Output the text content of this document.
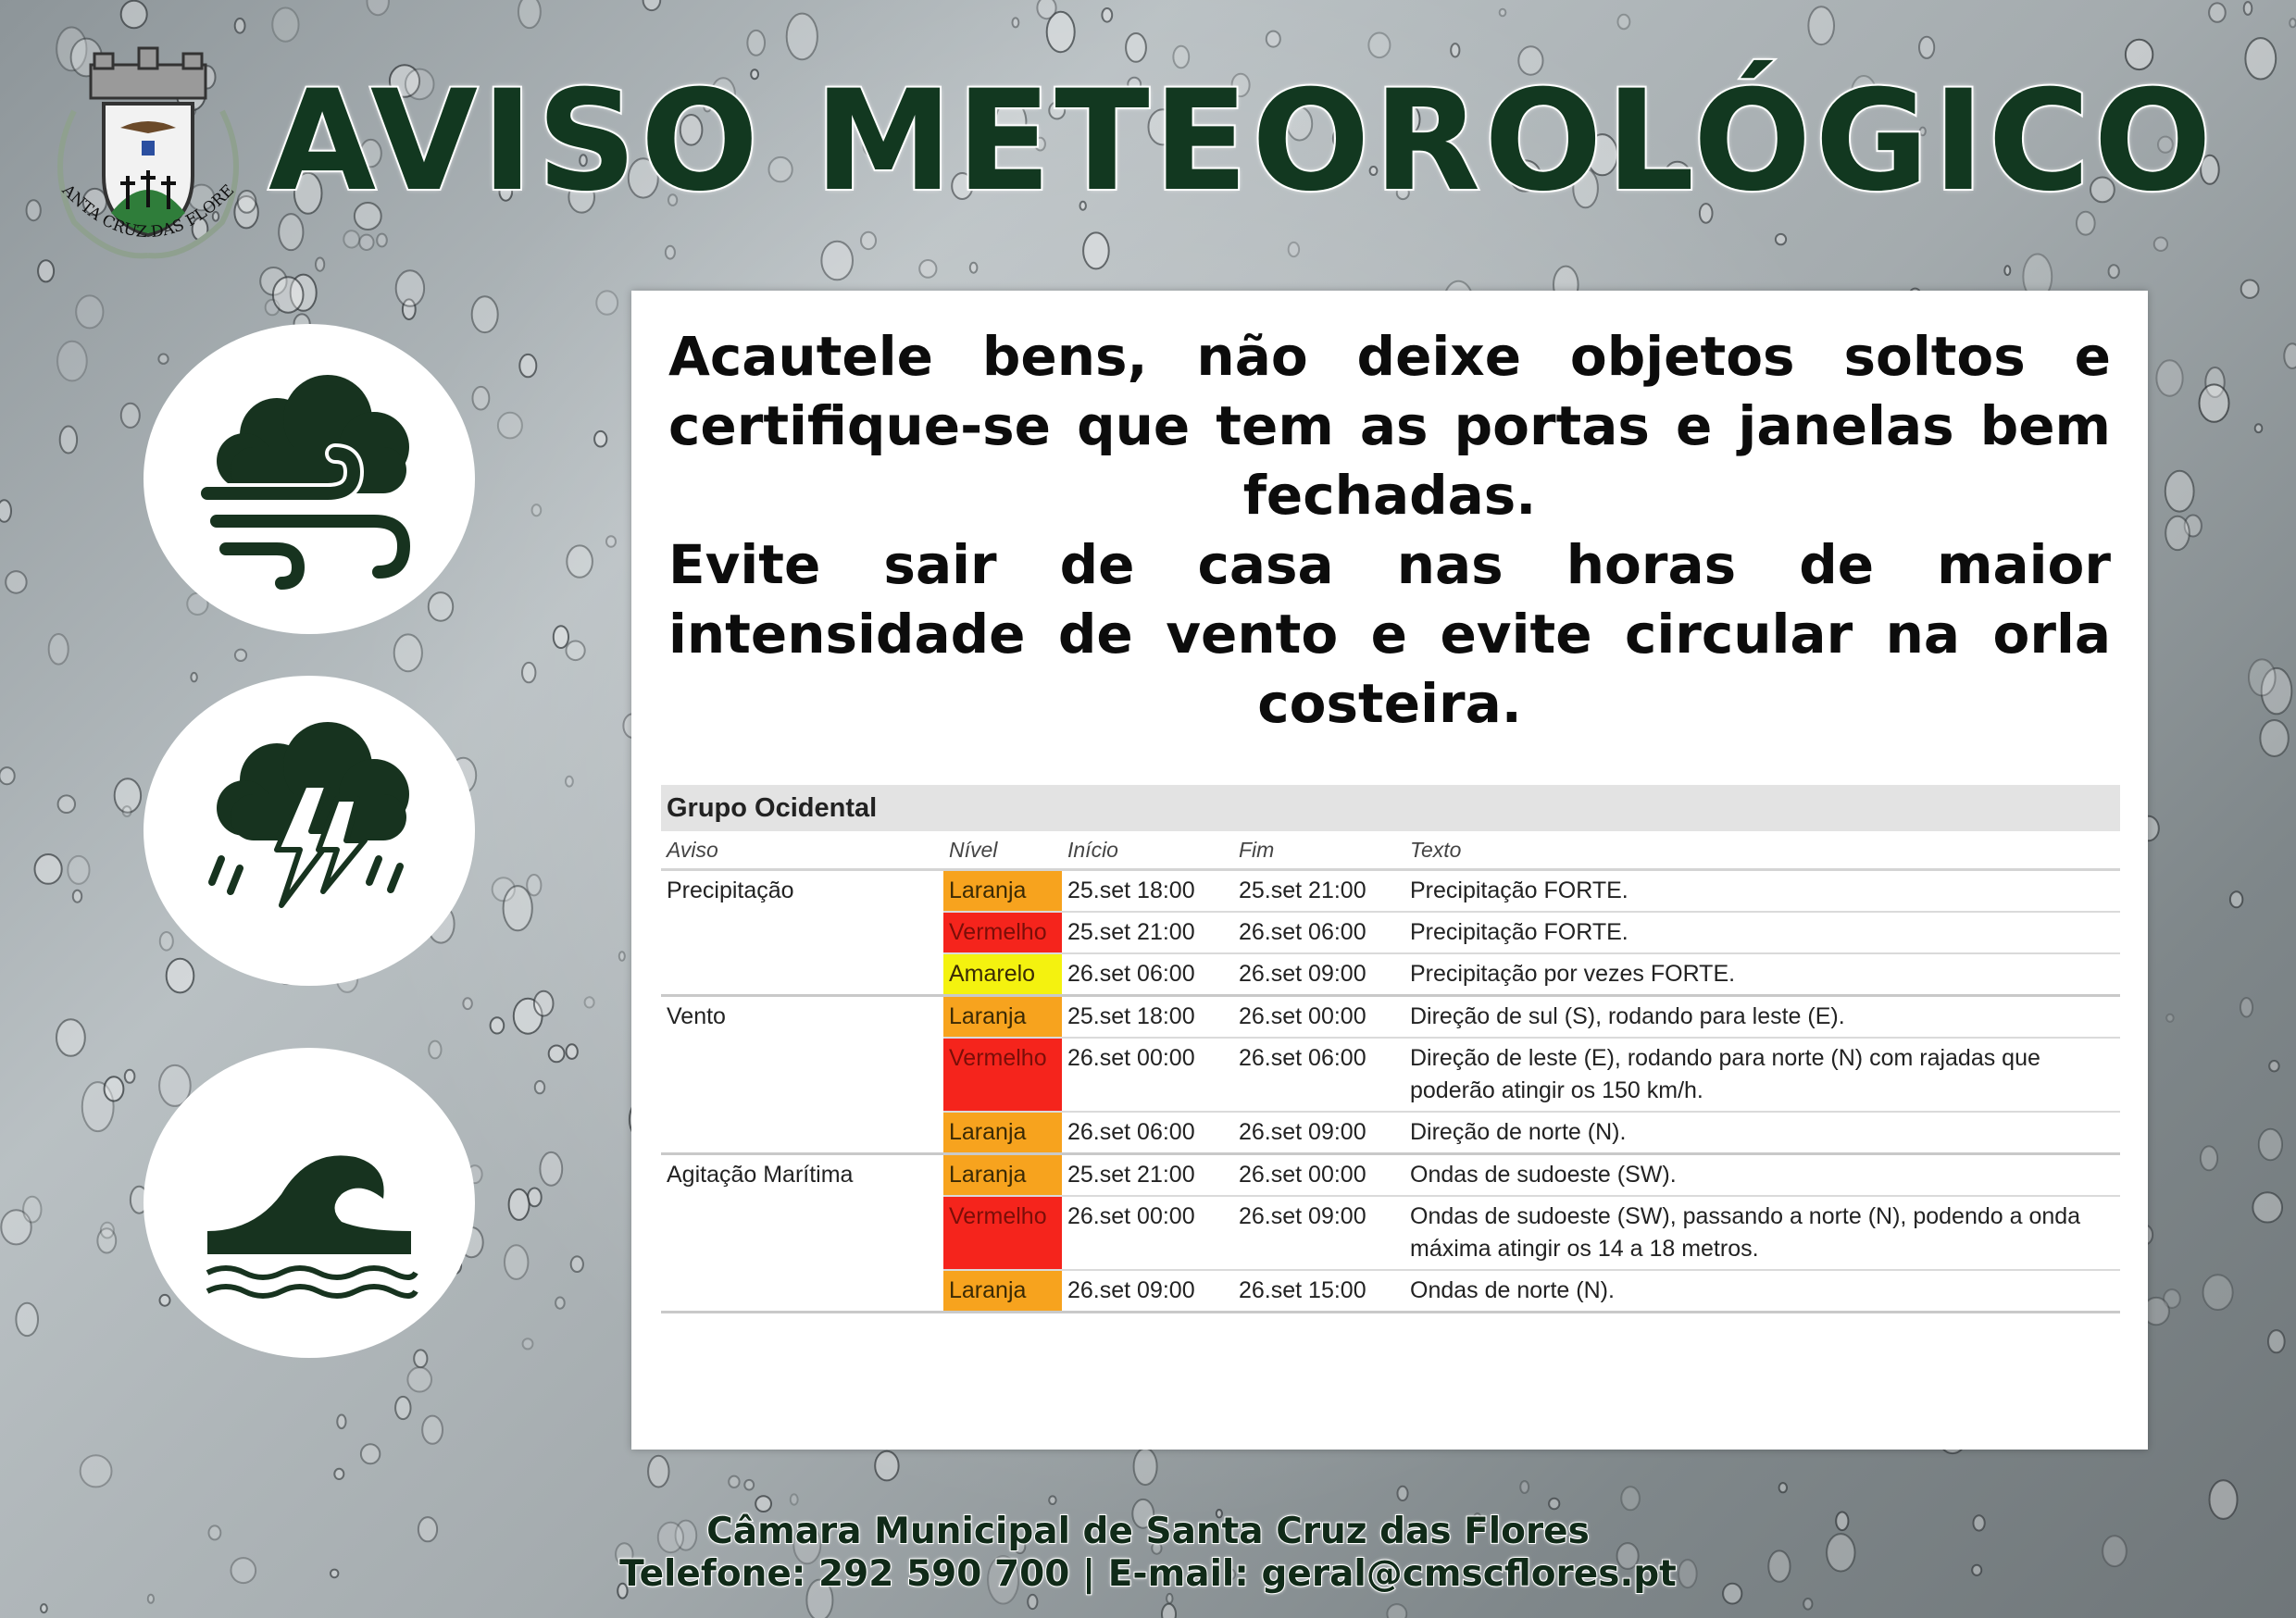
ANTA CRUZ DAS FLORE AVISO METEOROLÓGICO

Acautele bens, não deixe objetos soltos e certifique-se que tem as portas e janelas bem fechadas.

Evite sair de casa nas horas de maior intensidade de vento e evite circular na orla costeira.

Grupo Ocidental
Aviso	Nível	Início	Fim	Texto
Precipitação	Laranja	25.set 18:00	25.set 21:00	Precipitação FORTE.
	Vermelho	25.set 21:00	26.set 06:00	Precipitação FORTE.
	Amarelo	26.set 06:00	26.set 09:00	Precipitação por vezes FORTE.
Vento	Laranja	25.set 18:00	26.set 00:00	Direção de sul (S), rodando para leste (E).
	Vermelho	26.set 00:00	26.set 06:00	Direção de leste (E), rodando para norte (N) com rajadas que poderão atingir os 150 km/h.
	Laranja	26.set 06:00	26.set 09:00	Direção de norte (N).
Agitação Marítima	Laranja	25.set 21:00	26.set 00:00	Ondas de sudoeste (SW).
	Vermelho	26.set 00:00	26.set 09:00	Ondas de sudoeste (SW), passando a norte (N), podendo a onda máxima atingir os 14 a 18 metros.
	Laranja	26.set 09:00	26.set 15:00	Ondas de norte (N).
Câmara Municipal de Santa Cruz das Flores
Telefone: 292 590 700 | E-mail: geral@cmscflores.pt
